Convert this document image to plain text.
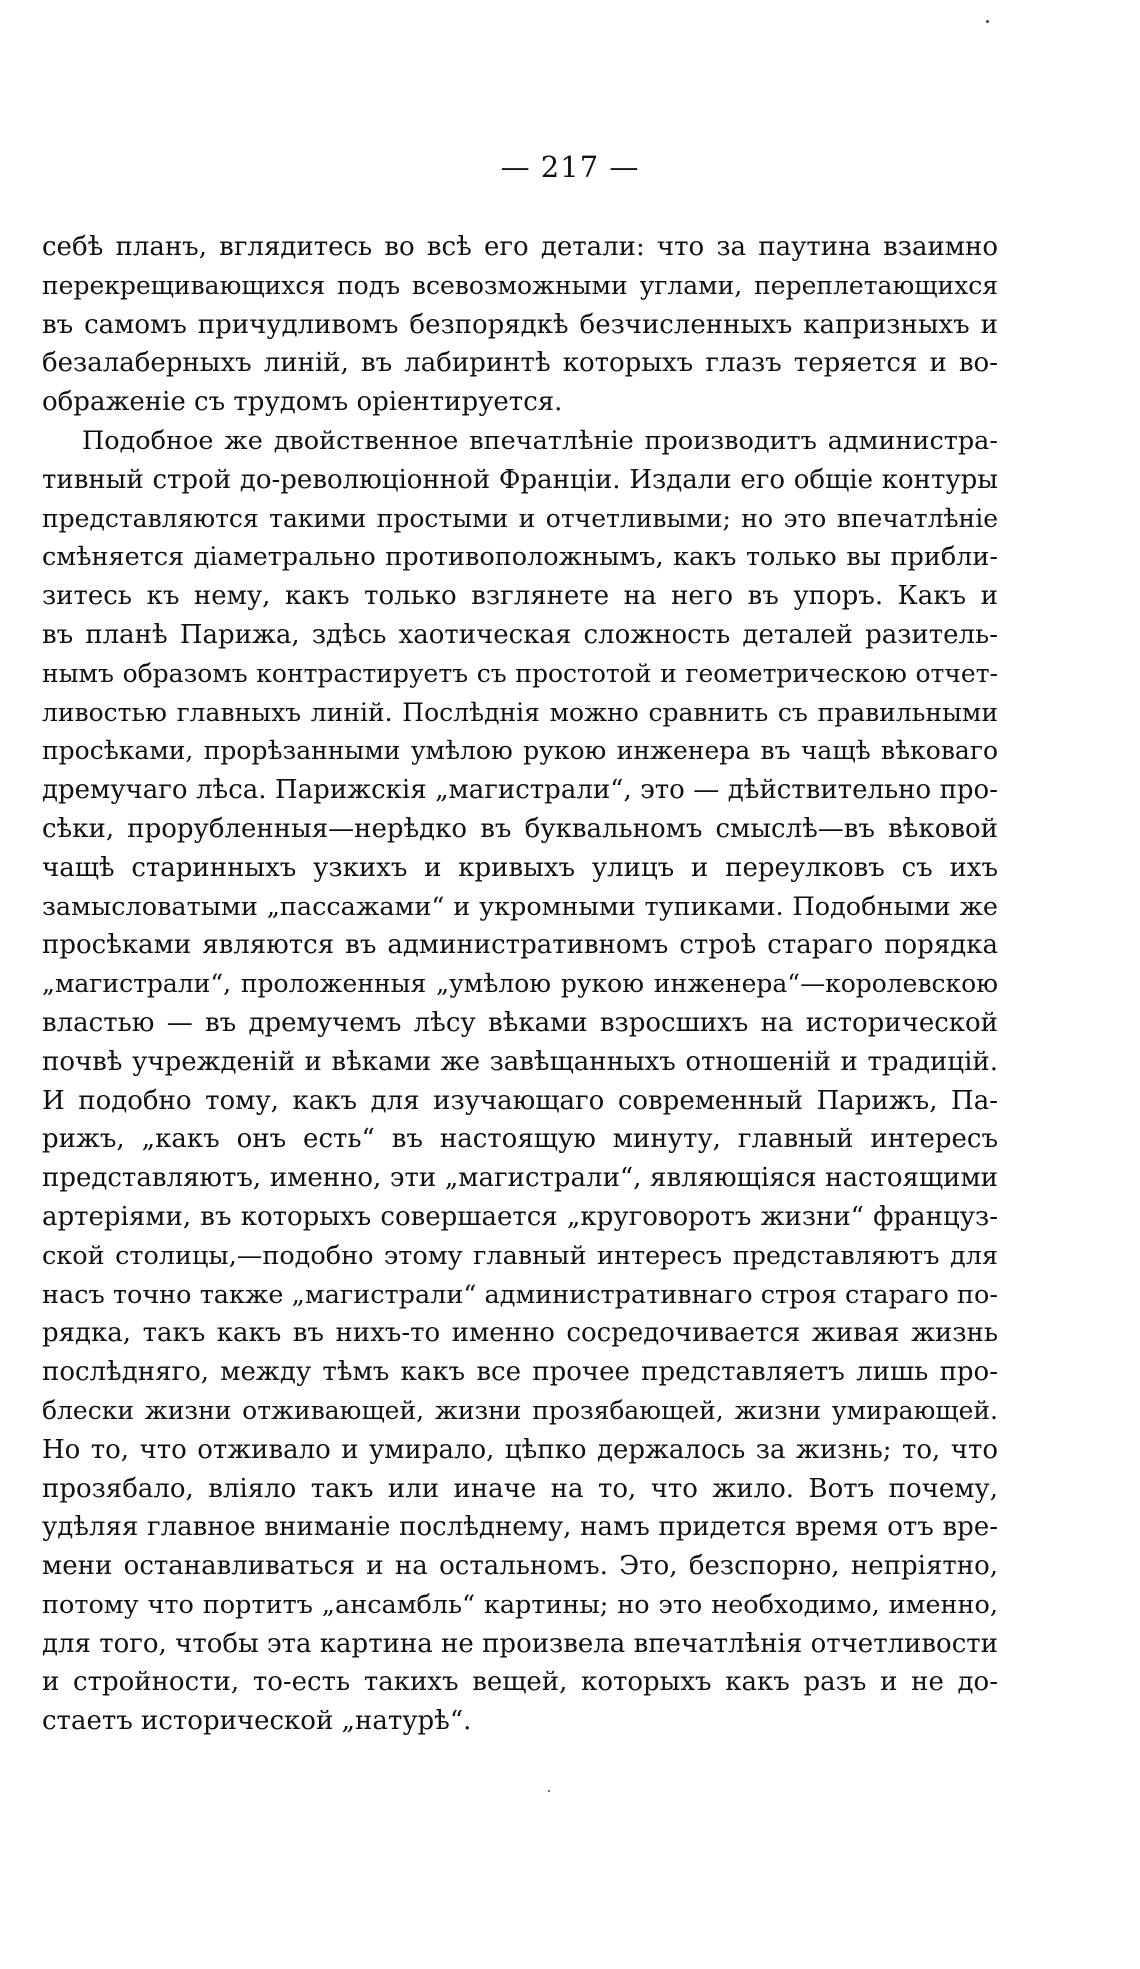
— 217 —
себѣ планъ, вглядитесь во всѣ его детали: что за паутина взаимно
перекрещивающихся подъ всевозможными углами, переплетающихся
въ самомъ причудливомъ безпорядкѣ безчисленныхъ капризныхъ и
безалаберныхъ линій, въ лабиринтѣ которыхъ глазъ теряется и во-
ображеніе съ трудомъ оріентируется.
Подобное же двойственное впечатлѣніе производитъ администра-
тивный строй до-революціонной Франціи. Издали его общіе контуры
представляются такими простыми и отчетливыми; но это впечатлѣніе
смѣняется діаметрально противоположнымъ, какъ только вы прибли-
зитесь къ нему, какъ только взглянете на него въ упоръ. Какъ и
въ планѣ Парижа, здѣсь хаотическая сложность деталей разитель-
нымъ образомъ контрастируетъ съ простотой и геометрическою отчет-
ливостью главныхъ линій. Послѣднія можно сравнить съ правильными
просѣками, прорѣзанными умѣлою рукою инженера въ чащѣ вѣковаго
дремучаго лѣса. Парижскія „магистрали“, это — дѣйствительно про-
сѣки, прорубленныя—нерѣдко въ буквальномъ смыслѣ—въ вѣковой
чащѣ старинныхъ узкихъ и кривыхъ улицъ и переулковъ съ ихъ
замысловатыми „пассажами“ и укромными тупиками. Подобными же
просѣками являются въ административномъ строѣ стараго порядка
„магистрали“, проложенныя „умѣлою рукою инженера“—королевскою
властью — въ дремучемъ лѣсу вѣками взросшихъ на исторической
почвѣ учрежденій и вѣками же завѣщанныхъ отношеній и традицій.
И подобно тому, какъ для изучающаго современный Парижъ, Па-
рижъ, „какъ онъ есть“ въ настоящую минуту, главный интересъ
представляютъ, именно, эти „магистрали“, являющіяся настоящими
артеріями, въ которыхъ совершается „круговоротъ жизни“ француз-
ской столицы,—подобно этому главный интересъ представляютъ для
насъ точно также „магистрали“ административнаго строя стараго по-
рядка, такъ какъ въ нихъ-то именно сосредочивается живая жизнь
послѣдняго, между тѣмъ какъ все прочее представляетъ лишь про-
блески жизни отживающей, жизни прозябающей, жизни умирающей.
Но то, что отживало и умирало, цѣпко держалось за жизнь; то, что
прозябало, вліяло такъ или иначе на то, что жило. Вотъ почему,
удѣляя главное вниманіе послѣднему, намъ придется время отъ вре-
мени останавливаться и на остальномъ. Это, безспорно, непріятно,
потому что портитъ „ансамбль“ картины; но это необходимо, именно,
для того, чтобы эта картина не произвела впечатлѣнія отчетливости
и стройности, то-есть такихъ вещей, которыхъ какъ разъ и не до-
стаетъ исторической „натурѣ“.
